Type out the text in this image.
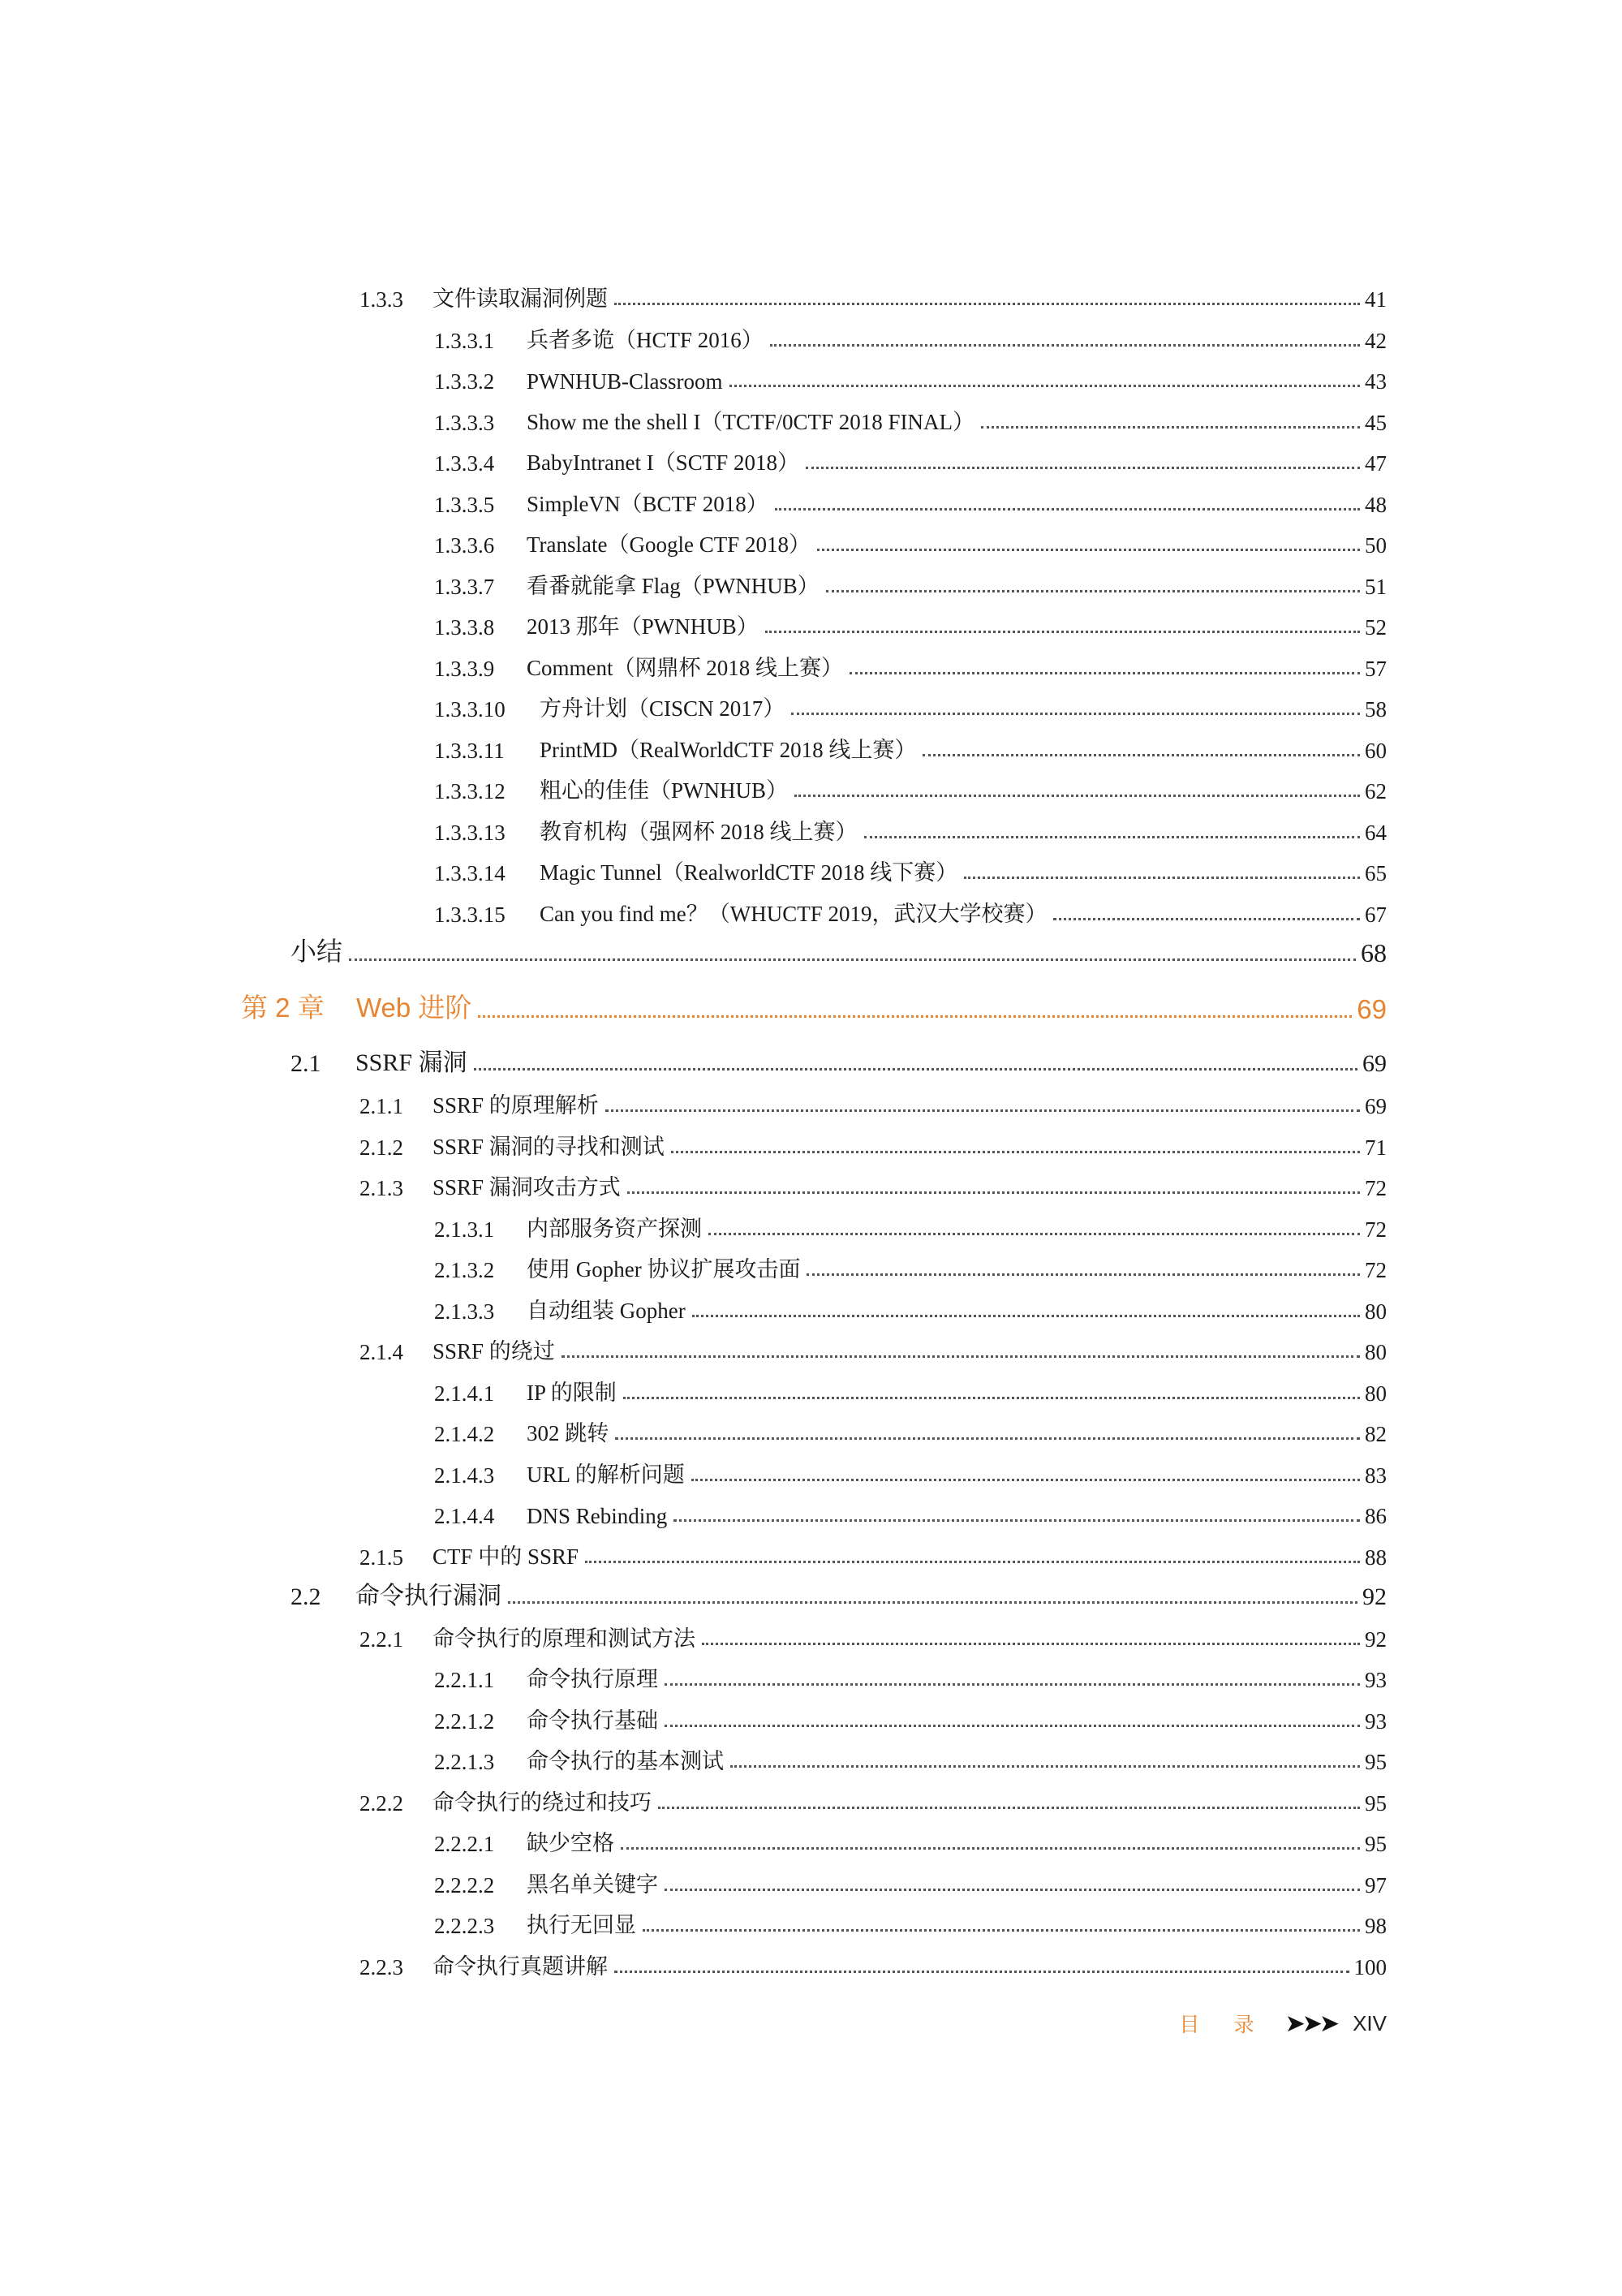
1.3.3	文件读取漏洞例题	41
1.3.3.1	兵者多诡（HCTF 2016）	42
1.3.3.2	PWNHUB-Classroom	43
1.3.3.3	Show me the shell I（TCTF/0CTF 2018 FINAL）	45
1.3.3.4	BabyIntranet I（SCTF 2018）	47
1.3.3.5	SimpleVN（BCTF 2018）	48
1.3.3.6	Translate（Google CTF 2018）	50
1.3.3.7	看番就能拿 Flag（PWNHUB）	51
1.3.3.8	2013 那年（PWNHUB）	52
1.3.3.9	Comment（网鼎杯 2018 线上赛）	57
1.3.3.10	方舟计划（CISCN 2017）	58
1.3.3.11	PrintMD（RealWorldCTF 2018 线上赛）	60
1.3.3.12	粗心的佳佳（PWNHUB）	62
1.3.3.13	教育机构（强网杯 2018 线上赛）	64
1.3.3.14	Magic Tunnel（RealworldCTF 2018 线下赛）	65
1.3.3.15	Can you find me？（WHUCTF 2019，武汉大学校赛）	67
小结	68
第 2 章	Web 进阶	69
2.1	SSRF 漏洞	69
2.1.1	SSRF 的原理解析	69
2.1.2	SSRF 漏洞的寻找和测试	71
2.1.3	SSRF 漏洞攻击方式	72
2.1.3.1	内部服务资产探测	72
2.1.3.2	使用 Gopher 协议扩展攻击面	72
2.1.3.3	自动组装 Gopher	80
2.1.4	SSRF 的绕过	80
2.1.4.1	IP 的限制	80
2.1.4.2	302 跳转	82
2.1.4.3	URL 的解析问题	83
2.1.4.4	DNS Rebinding	86
2.1.5	CTF 中的 SSRF	88
2.2	命令执行漏洞	92
2.2.1	命令执行的原理和测试方法	92
2.2.1.1	命令执行原理	93
2.2.1.2	命令执行基础	93
2.2.1.3	命令执行的基本测试	95
2.2.2	命令执行的绕过和技巧	95
2.2.2.1	缺少空格	95
2.2.2.2	黑名单关键字	97
2.2.2.3	执行无回显	98
2.2.3	命令执行真题讲解	100
目 录 ➤➤➤ XIV
